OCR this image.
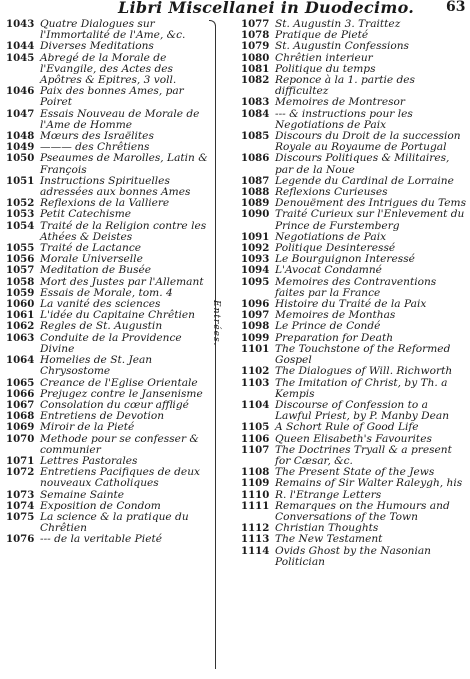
Libri Miscellanei in Duodecimo. 63
1043 Quatre Dialogues sur l'Immortalité de l'Ame, &c.
1044 Diverses Meditations
1045 Abregé de la Morale de l'Evangile, des Actes des Apôtres & Epitres, 3 voll.
1046 Paix des bonnes Ames, par Poiret
1047 Essais Nouveau de Morale de l'Ame de Homme
1048 Mœurs des Israëlites
1049 ——— des Chrêtiens
1050 Pseaumes de Marolles, Latin & François
1051 Instructions Spirituelles adressées aux bonnes Ames
1052 Reflexions de la Valliere
1053 Petit Catechisme
1054 Traité de la Religion contre les Athées & Deistes
1055 Traité de Lactance
1056 Morale Universelle
1057 Meditation de Busée
1058 Mort des Justes par l'Allemant
1059 Essais de Morale, tom. 4
1060 La vanité des sciences
1061 L'idée du Capitaine Chrêtien
1062 Regles de St. Augustin
1063 Conduite de la Providence Divine
1064 Homelies de St. Jean Chrysostome
1065 Creance de l'Eglise Orientale
1066 Prejugez contre le Jansenisme
1067 Consolation du cœur affligé
1068 Entretiens de Devotion
1069 Miroir de la Pieté
1070 Methode pour se confesser & communier
1071 Lettres Pastorales
1072 Entretiens Pacifiques de deux nouveaux Catholiques
1073 Semaine Sainte
1074 Exposition de Condom
1075 La science & la pratique du Chrêtien
1076 --- de la veritable Pieté
Entrées.
1077 St. Augustin 3. Traittez
1078 Pratique de Pieté
1079 St. Augustin Confessions
1080 Chrêtien interieur
1081 Politique du temps
1082 Reponce à la 1. partie des difficultez
1083 Memoires de Montresor
1084 --- & instructions pour les Negotiations de Paix
1085 Discours du Droit de la succession Royale au Royaume de Portugal
1086 Discours Politiques & Militaires, par de la Noue
1087 Legende du Cardinal de Lorraine
1088 Reflexions Curieuses
1089 Denouëment des Intrigues du Tems
1090 Traité Curieux sur l'Enlevement du Prince de Furstemberg
1091 Negotiations de Paix
1092 Politique Desinteressé
1093 Le Bourguignon Interessé
1094 L'Avocat Condamné
1095 Memoires des Contraventions faites par la France
1096 Histoire du Traité de la Paix
1097 Memoires de Monthas
1098 Le Prince de Condé
1099 Preparation for Death
1101 The Touchstone of the Reformed Gospel
1102 The Dialogues of Will. Richworth
1103 The Imitation of Christ, by Th. a Kempis
1104 Discourse of Confession to a Lawful Priest, by P. Manby Dean
1105 A Schort Rule of Good Life
1106 Queen Elisabeth's Favourites
1107 The Doctrines Tryall & a present for Cæsar, &c.
1108 The Present State of the Jews
1109 Remains of Sir Walter Raleygh, his
1110 R. l'Etrange Letters
1111 Remarques on the Humours and Conversations of the Town
1112 Christian Thoughts
1113 The New Testament
1114 Ovids Ghost by the Nasonian Politician
